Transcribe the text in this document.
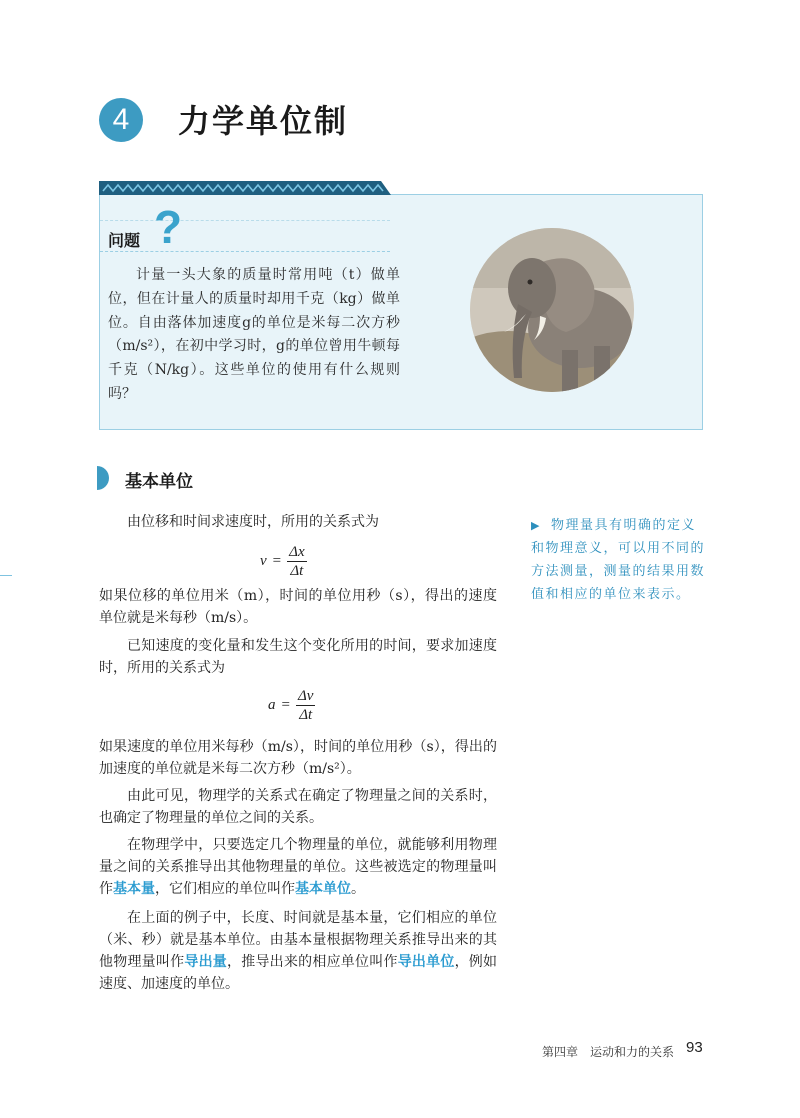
4	力学单位制
问题 ?

计量一头大象的质量时常用吨（t）做单位，但在计量人的质量时却用千克（kg）做单位。自由落体加速度g的单位是米每二次方秒（m/s²），在初中学习时，g的单位曾用牛顿每千克（N/kg）。这些单位的使用有什么规则吗？

基本单位

由位移和时间求速度时，所用的关系式为

$v = \frac{\Delta x}{\Delta t}$

如果位移的单位用米（m），时间的单位用秒（s），得出的速度单位就是米每秒（m/s）。

已知速度的变化量和发生这个变化所用的时间，要求加速度时，所用的关系式为

$a = \frac{\Delta v}{\Delta t}$

如果速度的单位用米每秒（m/s），时间的单位用秒（s），得出的加速度的单位就是米每二次方秒（m/s²）。

由此可见，物理学的关系式在确定了物理量之间的关系时，也确定了物理量的单位之间的关系。

在物理学中，只要选定几个物理量的单位，就能够利用物理量之间的关系推导出其他物理量的单位。这些被选定的物理量叫作基本量，它们相应的单位叫作基本单位。

在上面的例子中，长度、时间就是基本量，它们相应的单位（米、秒）就是基本单位。由基本量根据物理关系推导出来的其他物理量叫作导出量，推导出来的相应单位叫作导出单位，例如速度、加速度的单位。

▶ 物理量具有明确的定义和物理意义，可以用不同的方法测量，测量的结果用数值和相应的单位来表示。

第四章　运动和力的关系 93
